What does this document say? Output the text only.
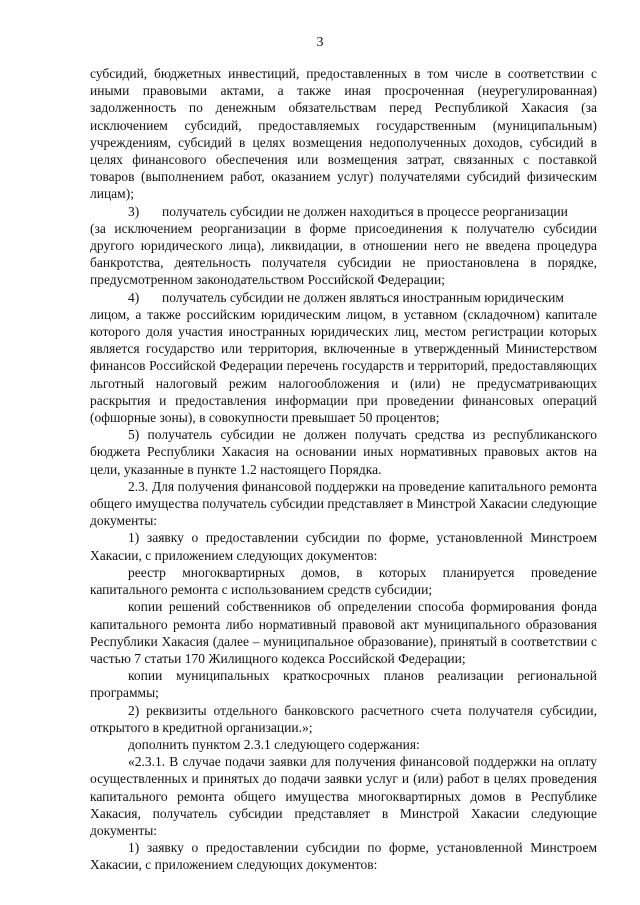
3

субсидий, бюджетных инвестиций, предоставленных в том числе в соответствии с иными правовыми актами, а также иная просроченная (неурегулированная) задолженность по денежным обязательствам перед Республикой Хакасия (за исключением субсидий, предоставляемых государственным (муниципальным) учреждениям, субсидий в целях возмещения недополученных доходов, субсидий в целях финансового обеспечения или возмещения затрат, связанных с поставкой товаров (выполнением работ, оказанием услуг) получателями субсидий физическим лицам);

3)	получатель субсидии не должен находиться в процессе реорганизации

(за исключением реорганизации в форме присоединения к получателю субсидии другого юридического лица), ликвидации, в отношении него не введена процедура банкротства, деятельность получателя субсидии не приостановлена в порядке, предусмотренном законодательством Российской Федерации;

4)	получатель субсидии не должен являться иностранным юридическим

лицом, а также российским юридическим лицом, в уставном (складочном) капитале которого доля участия иностранных юридических лиц, местом регистрации которых является государство или территория, включенные в утвержденный Министерством финансов Российской Федерации перечень государств и территорий, предоставляющих льготный налоговый режим налогообложения и (или) не предусматривающих раскрытия и предоставления информации при проведении финансовых операций (офшорные зоны), в совокупности превышает 50 процентов;

5) получатель субсидии не должен получать средства из республиканского бюджета Республики Хакасия на основании иных нормативных правовых актов на цели, указанные в пункте 1.2 настоящего Порядка.

2.3. Для получения финансовой поддержки на проведение капитального ремонта общего имущества получатель субсидии представляет в Минстрой Хакасии следующие документы:

1) заявку о предоставлении субсидии по форме, установленной Минстроем Хакасии, с приложением следующих документов:

реестр многоквартирных домов, в которых планируется проведение капитального ремонта с использованием средств субсидии;

копии решений собственников об определении способа формирования фонда капитального ремонта либо нормативный правовой акт муниципального образования Республики Хакасия (далее – муниципальное образование), принятый в соответствии с частью 7 статьи 170 Жилищного кодекса Российской Федерации;

копии муниципальных краткосрочных планов реализации региональной программы;

2) реквизиты отдельного банковского расчетного счета получателя субсидии, открытого в кредитной организации.»;

дополнить пунктом 2.3.1 следующего содержания:

«2.3.1. В случае подачи заявки для получения финансовой поддержки на оплату осуществленных и принятых до подачи заявки услуг и (или) работ в целях проведения капитального ремонта общего имущества многоквартирных домов в Республике Хакасия, получатель субсидии представляет в Минстрой Хакасии следующие документы:

1) заявку о предоставлении субсидии по форме, установленной Минстроем Хакасии, с приложением следующих документов:
